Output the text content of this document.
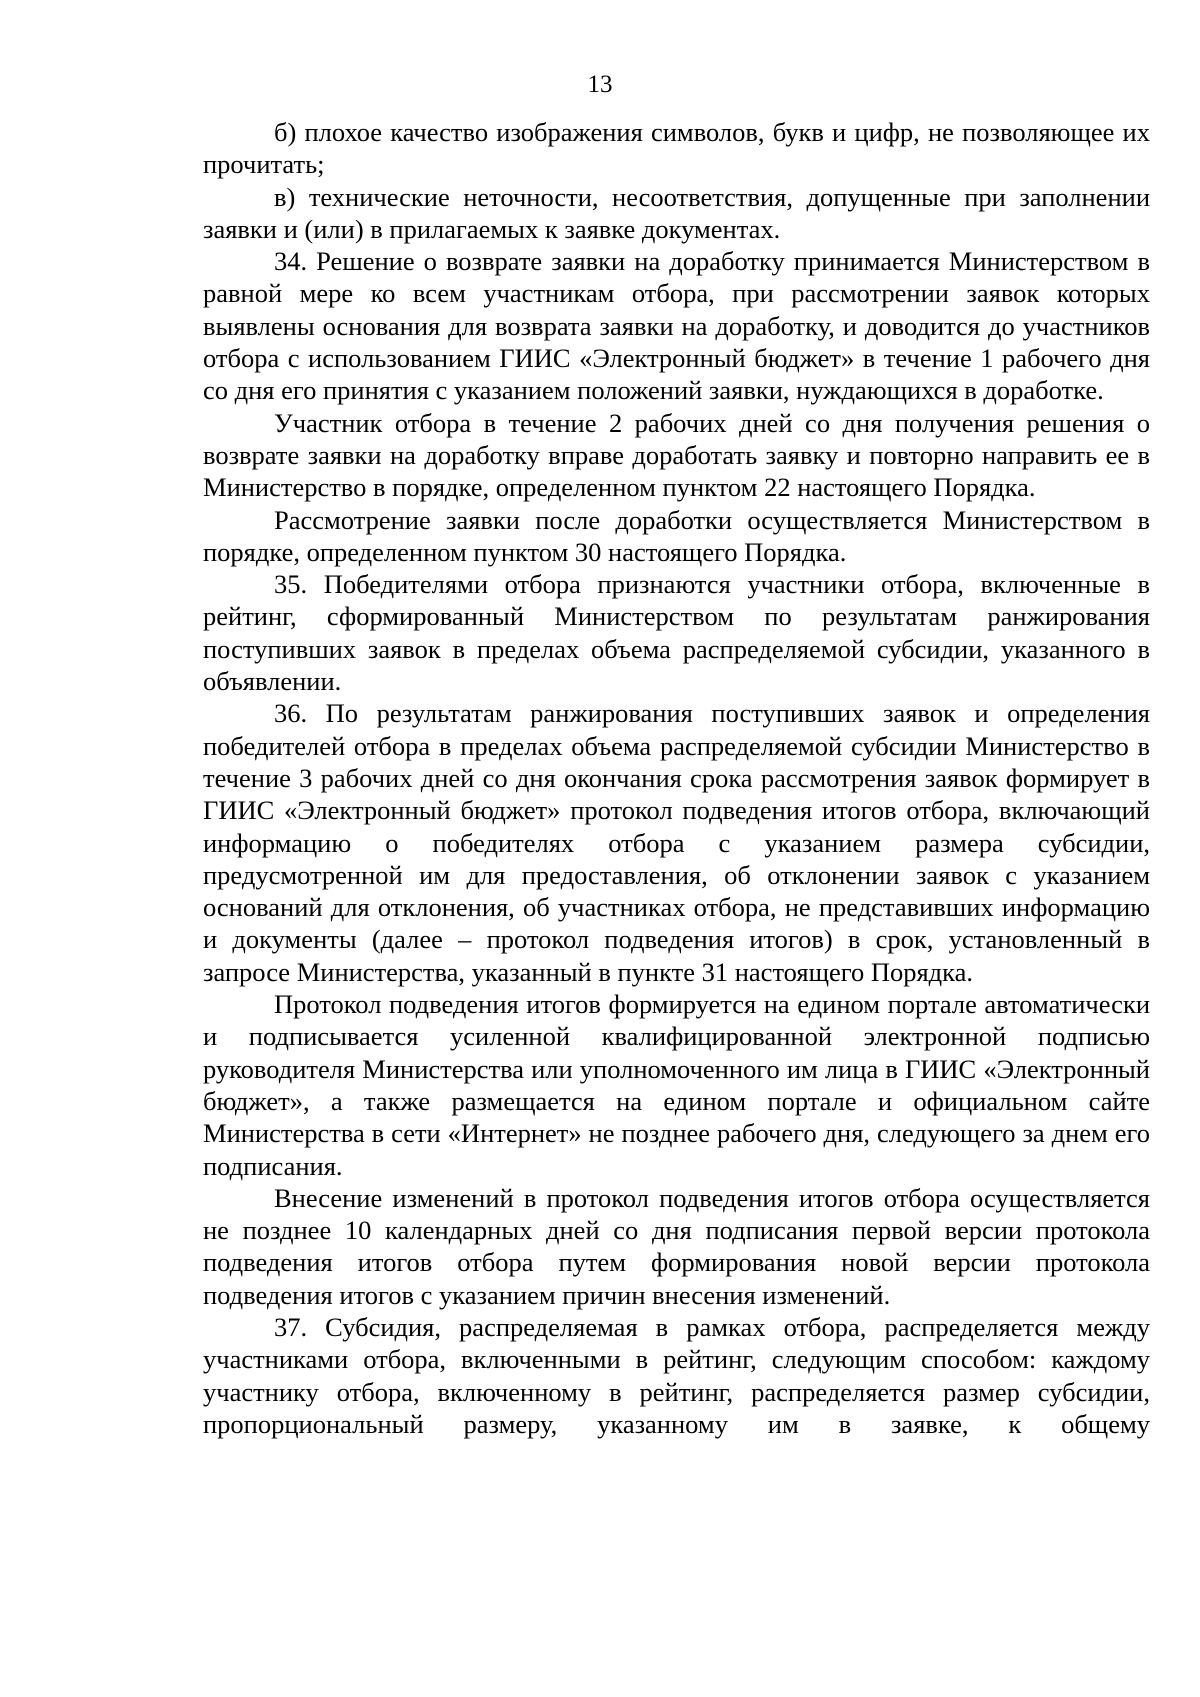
13

б) плохое качество изображения символов, букв и цифр, не позволяющее их прочитать;

в) технические неточности, несоответствия, допущенные при заполнении заявки и (или) в прилагаемых к заявке документах.

34. Решение о возврате заявки на доработку принимается Министерством в равной мере ко всем участникам отбора, при рассмотрении заявок которых выявлены основания для возврата заявки на доработку, и доводится до участников отбора с использованием ГИИС «Электронный бюджет» в течение 1 рабочего дня со дня его принятия с указанием положений заявки, нуждающихся в доработке.

Участник отбора в течение 2 рабочих дней со дня получения решения о возврате заявки на доработку вправе доработать заявку и повторно направить ее в Министерство в порядке, определенном пунктом 22 настоящего Порядка.

Рассмотрение заявки после доработки осуществляется Министерством в порядке, определенном пунктом 30 настоящего Порядка.

35. Победителями отбора признаются участники отбора, включенные в рейтинг, сформированный Министерством по результатам ранжирования поступивших заявок в пределах объема распределяемой субсидии, указанного в объявлении.

36. По результатам ранжирования поступивших заявок и определения победителей отбора в пределах объема распределяемой субсидии Министерство в течение 3 рабочих дней со дня окончания срока рассмотрения заявок формирует в ГИИС «Электронный бюджет» протокол подведения итогов отбора, включающий информацию о победителях отбора с указанием размера субсидии, предусмотренной им для предоставления, об отклонении заявок с указанием оснований для отклонения, об участниках отбора, не представивших информацию и документы (далее – протокол подведения итогов) в срок, установленный в запросе Министерства, указанный в пункте 31 настоящего Порядка.

Протокол подведения итогов формируется на едином портале автоматически и подписывается усиленной квалифицированной электронной подписью руководителя Министерства или уполномоченного им лица в ГИИС «Электронный бюджет», а также размещается на едином портале и официальном сайте Министерства в сети «Интернет» не позднее рабочего дня, следующего за днем его подписания.

Внесение изменений в протокол подведения итогов отбора осуществляется не позднее 10 календарных дней со дня подписания первой версии протокола подведения итогов отбора путем формирования новой версии протокола подведения итогов с указанием причин внесения изменений.

37. Субсидия, распределяемая в рамках отбора, распределяется между участниками отбора, включенными в рейтинг, следующим способом: каждому участнику отбора, включенному в рейтинг, распределяется размер субсидии, пропорциональный размеру, указанному им в заявке, к общему
